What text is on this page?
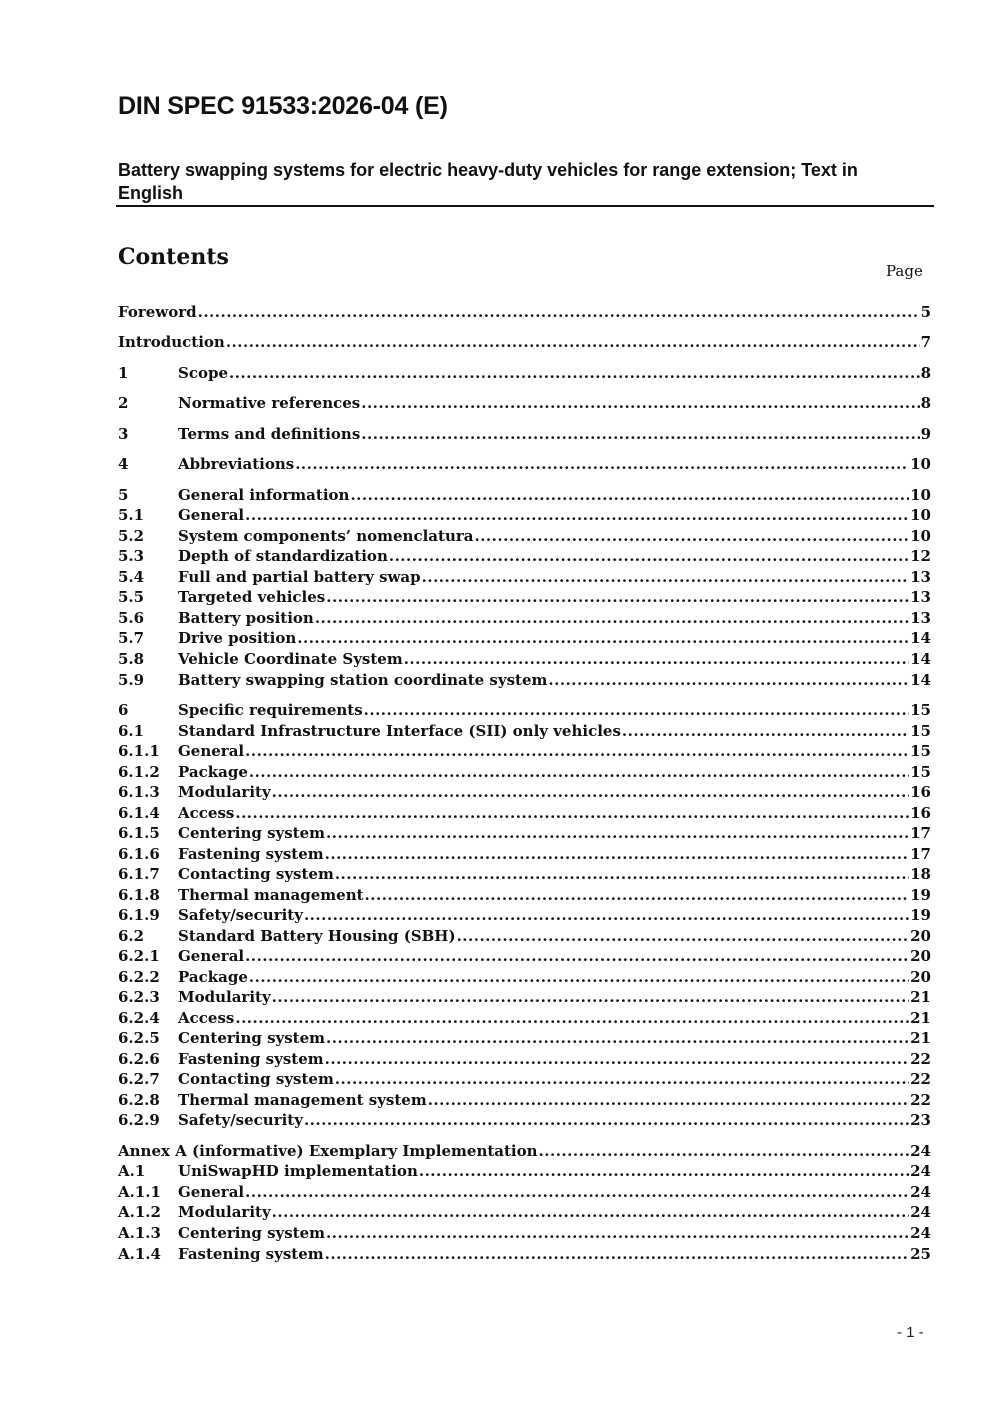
DIN SPEC 91533:2026-04 (E)
Battery swapping systems for electric heavy-duty vehicles for range extension; Text in English
Contents
Page
Foreword .....	5
Introduction .....	7
1	Scope .....	8
2	Normative references .....	8
3	Terms and definitions .....	9
4	Abbreviations .....	10
5	General information .....	10
5.1	General .....	10
5.2	System components’ nomenclatura .....	10
5.3	Depth of standardization .....	12
5.4	Full and partial battery swap .....	13
5.5	Targeted vehicles .....	13
5.6	Battery position .....	13
5.7	Drive position .....	14
5.8	Vehicle Coordinate System .....	14
5.9	Battery swapping station coordinate system .....	14
6	Specific requirements .....	15
6.1	Standard Infrastructure Interface (SII) only vehicles .....	15
6.1.1	General .....	15
6.1.2	Package .....	15
6.1.3	Modularity .....	16
6.1.4	Access .....	16
6.1.5	Centering system .....	17
6.1.6	Fastening system .....	17
6.1.7	Contacting system .....	18
6.1.8	Thermal management .....	19
6.1.9	Safety/security .....	19
6.2	Standard Battery Housing (SBH) .....	20
6.2.1	General .....	20
6.2.2	Package .....	20
6.2.3	Modularity .....	21
6.2.4	Access .....	21
6.2.5	Centering system .....	21
6.2.6	Fastening system .....	22
6.2.7	Contacting system .....	22
6.2.8	Thermal management system .....	22
6.2.9	Safety/security .....	23
Annex A (informative) Exemplary Implementation .....	24
A.1	UniSwapHD implementation .....	24
A.1.1	General .....	24
A.1.2	Modularity .....	24
A.1.3	Centering system .....	24
A.1.4	Fastening system .....	25
- 1 -
